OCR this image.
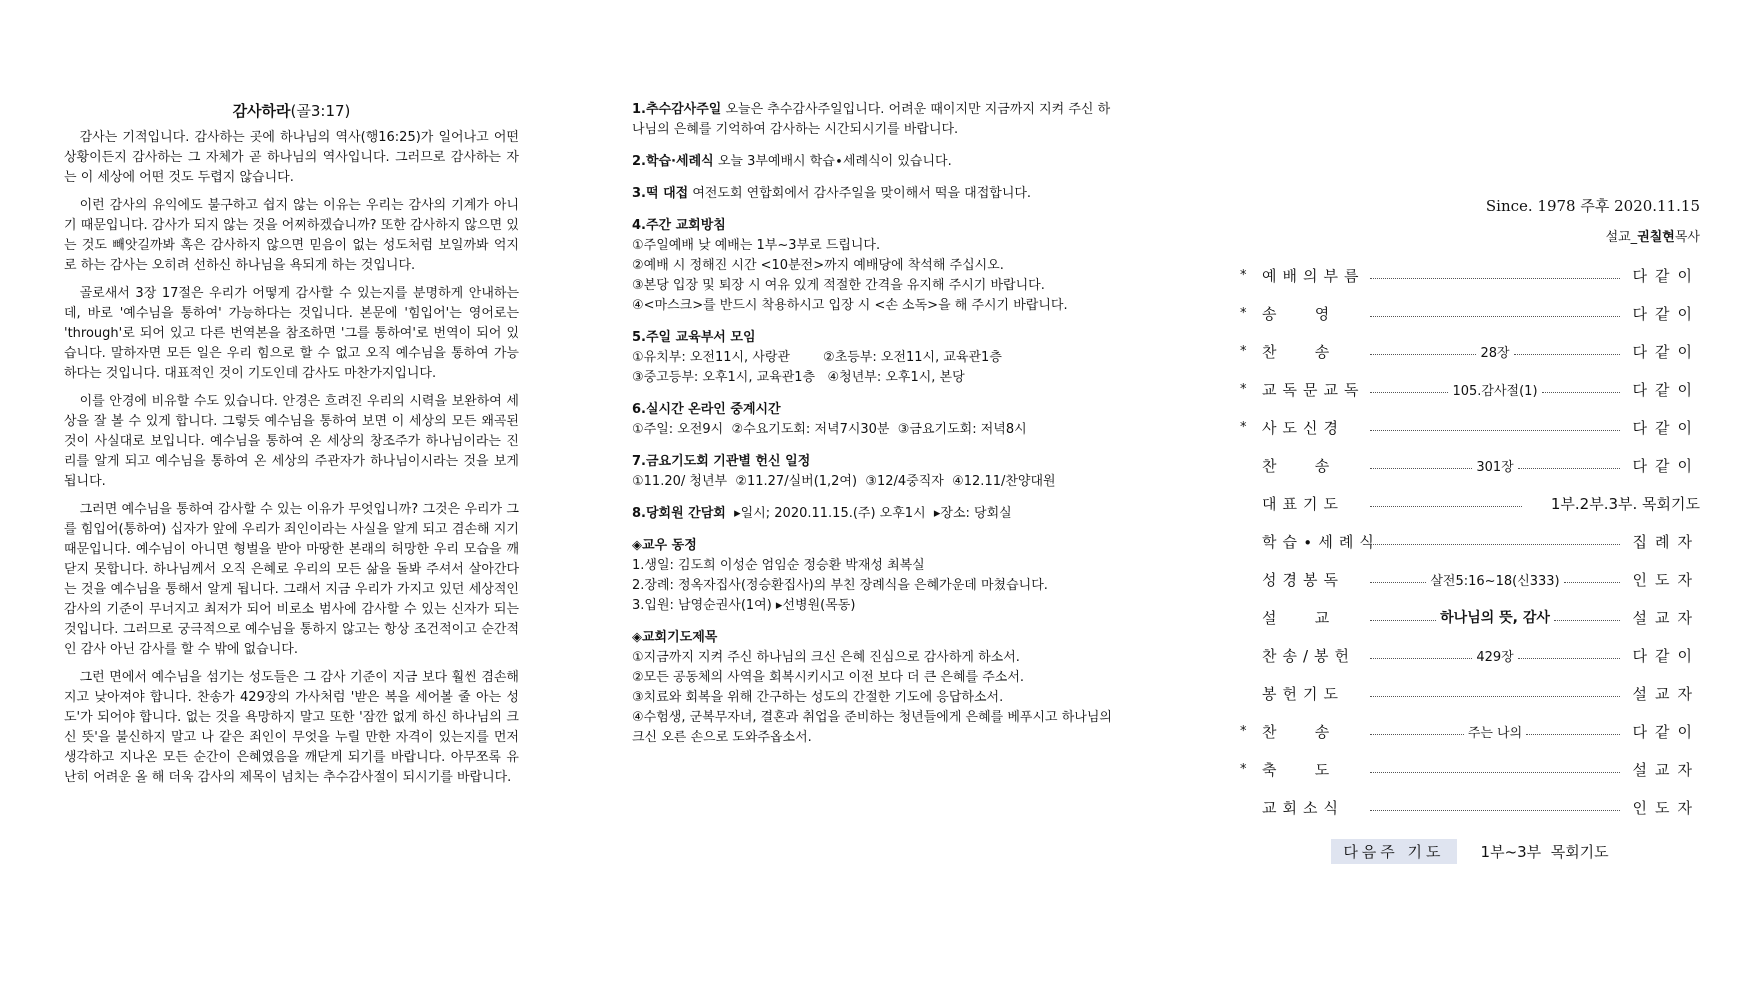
감사하라(골3:17)

감사는 기적입니다. 감사하는 곳에 하나님의 역사(행16:25)가 일어나고 어떤 상황이든지 감사하는 그 자체가 곧 하나님의 역사입니다. 그러므로 감사하는 자는 이 세상에 어떤 것도 두렵지 않습니다.

이런 감사의 유익에도 불구하고 쉽지 않는 이유는 우리는 감사의 기계가 아니기 때문입니다. 감사가 되지 않는 것을 어찌하겠습니까? 또한 감사하지 않으면 있는 것도 빼앗길까봐 혹은 감사하지 않으면 믿음이 없는 성도처럼 보일까봐 억지로 하는 감사는 오히려 선하신 하나님을 욕되게 하는 것입니다.

골로새서 3장 17절은 우리가 어떻게 감사할 수 있는지를 분명하게 안내하는데, 바로 '예수님을 통하여' 가능하다는 것입니다. 본문에 '힘입어'는 영어로는 'through'로 되어 있고 다른 번역본을 참조하면 '그를 통하여'로 번역이 되어 있습니다. 말하자면 모든 일은 우리 힘으로 할 수 없고 오직 예수님을 통하여 가능하다는 것입니다. 대표적인 것이 기도인데 감사도 마찬가지입니다.

이를 안경에 비유할 수도 있습니다. 안경은 흐려진 우리의 시력을 보완하여 세상을 잘 볼 수 있게 합니다. 그렇듯 예수님을 통하여 보면 이 세상의 모든 왜곡된 것이 사실대로 보입니다. 예수님을 통하여 온 세상의 창조주가 하나님이라는 진리를 알게 되고 예수님을 통하여 온 세상의 주관자가 하나님이시라는 것을 보게 됩니다.

그러면 예수님을 통하여 감사할 수 있는 이유가 무엇입니까? 그것은 우리가 그를 힘입어(통하여) 십자가 앞에 우리가 죄인이라는 사실을 알게 되고 겸손해 지기 때문입니다. 예수님이 아니면 형벌을 받아 마땅한 본래의 허망한 우리 모습을 깨닫지 못합니다. 하나님께서 오직 은혜로 우리의 모든 삶을 돌봐 주셔서 살아간다는 것을 예수님을 통해서 알게 됩니다. 그래서 지금 우리가 가지고 있던 세상적인 감사의 기준이 무너지고 최저가 되어 비로소 범사에 감사할 수 있는 신자가 되는 것입니다. 그러므로 궁극적으로 예수님을 통하지 않고는 항상 조건적이고 순간적인 감사 아닌 감사를 할 수 밖에 없습니다.

그런 면에서 예수님을 섬기는 성도들은 그 감사 기준이 지금 보다 훨씬 겸손해지고 낮아져야 합니다. 찬송가 429장의 가사처럼 '받은 복을 세어볼 줄 아는 성도'가 되어야 합니다. 없는 것을 욕망하지 말고 또한 '잠깐 없게 하신 하나님의 크신 뜻'을 불신하지 말고 나 같은 죄인이 무엇을 누릴 만한 자격이 있는지를 먼저 생각하고 지나온 모든 순간이 은혜였음을 깨닫게 되기를 바랍니다. 아무쪼록 유난히 어려운 올 해 더욱 감사의 제목이 넘치는 추수감사절이 되시기를 바랍니다.

1.추수감사주일 오늘은 추수감사주일입니다. 어려운 때이지만 지금까지 지켜 주신 하나님의 은혜를 기억하여 감사하는 시간되시기를 바랍니다.
2.학습∙세례식 오늘 3부예배시 학습∙세례식이 있습니다.
3.떡 대접 여전도회 연합회에서 감사주일을 맞이해서 떡을 대접합니다.
4.주간 교회방침
①주일예배 낮 예배는 1부~3부로 드립니다.
②예배 시 정해진 시간 <10분전>까지 예배당에 착석해 주십시오.
③본당 입장 및 퇴장 시 여유 있게 적절한 간격을 유지해 주시기 바랍니다.
④<마스크>를 반드시 착용하시고 입장 시 <손 소독>을 해 주시기 바랍니다.
5.주일 교육부서 모임
①유치부: 오전11시, 사랑관        ②초등부: 오전11시, 교육관1층
③중고등부: 오후1시, 교육관1층   ④청년부: 오후1시, 본당
6.실시간 온라인 중계시간
①주일: 오전9시  ②수요기도회: 저녁7시30분  ③금요기도회: 저녁8시
7.금요기도회 기관별 헌신 일정
①11.20/ 청년부  ②11.27/실버(1,2여)  ③12/4중직자  ④12.11/찬양대원
8.당회원 간담회  ▸일시; 2020.11.15.(주) 오후1시  ▸장소: 당회실
◈교우 동정
1.생일: 김도희 이성순 엄임순 정승환 박재성 최복실
2.장례: 정옥자집사(정승환집사)의 부친 장례식을 은혜가운데 마쳤습니다.
3.입원: 남영순권사(1여) ▸선병원(목동)
◈교회기도제목
①지금까지 지켜 주신 하나님의 크신 은혜 진심으로 감사하게 하소서.
②모든 공동체의 사역을 회복시키시고 이전 보다 더 큰 은혜를 주소서.
③치료와 회복을 위해 간구하는 성도의 간절한 기도에 응답하소서.
④수험생, 군복무자녀, 결혼과 취업을 준비하는 청년들에게 은혜를 베푸시고 하나님의 크신 오른 손으로 도와주옵소서.
Since. 1978 주후 2020.11.15
설교_권칠현목사
*	예배의부름	다같이
*	송   영	다같이
*	찬   송	28장	다같이
*	교독문교독	105.감사절(1)	다같이
*	사도신경	다같이
찬   송	301장	다같이
대표기도	1부.2부.3부. 목회기도
학습∙세례식	집례자
성경봉독	살전5:16~18(신333)	인도자
설   교	하나님의 뜻, 감사	설교자
찬송/봉헌	429장	다같이
봉헌기도	설교자
*	찬   송	주는 나의	다같이
*	축   도	설교자
교회소식	인도자
다음주 기도	1부~3부  목회기도
